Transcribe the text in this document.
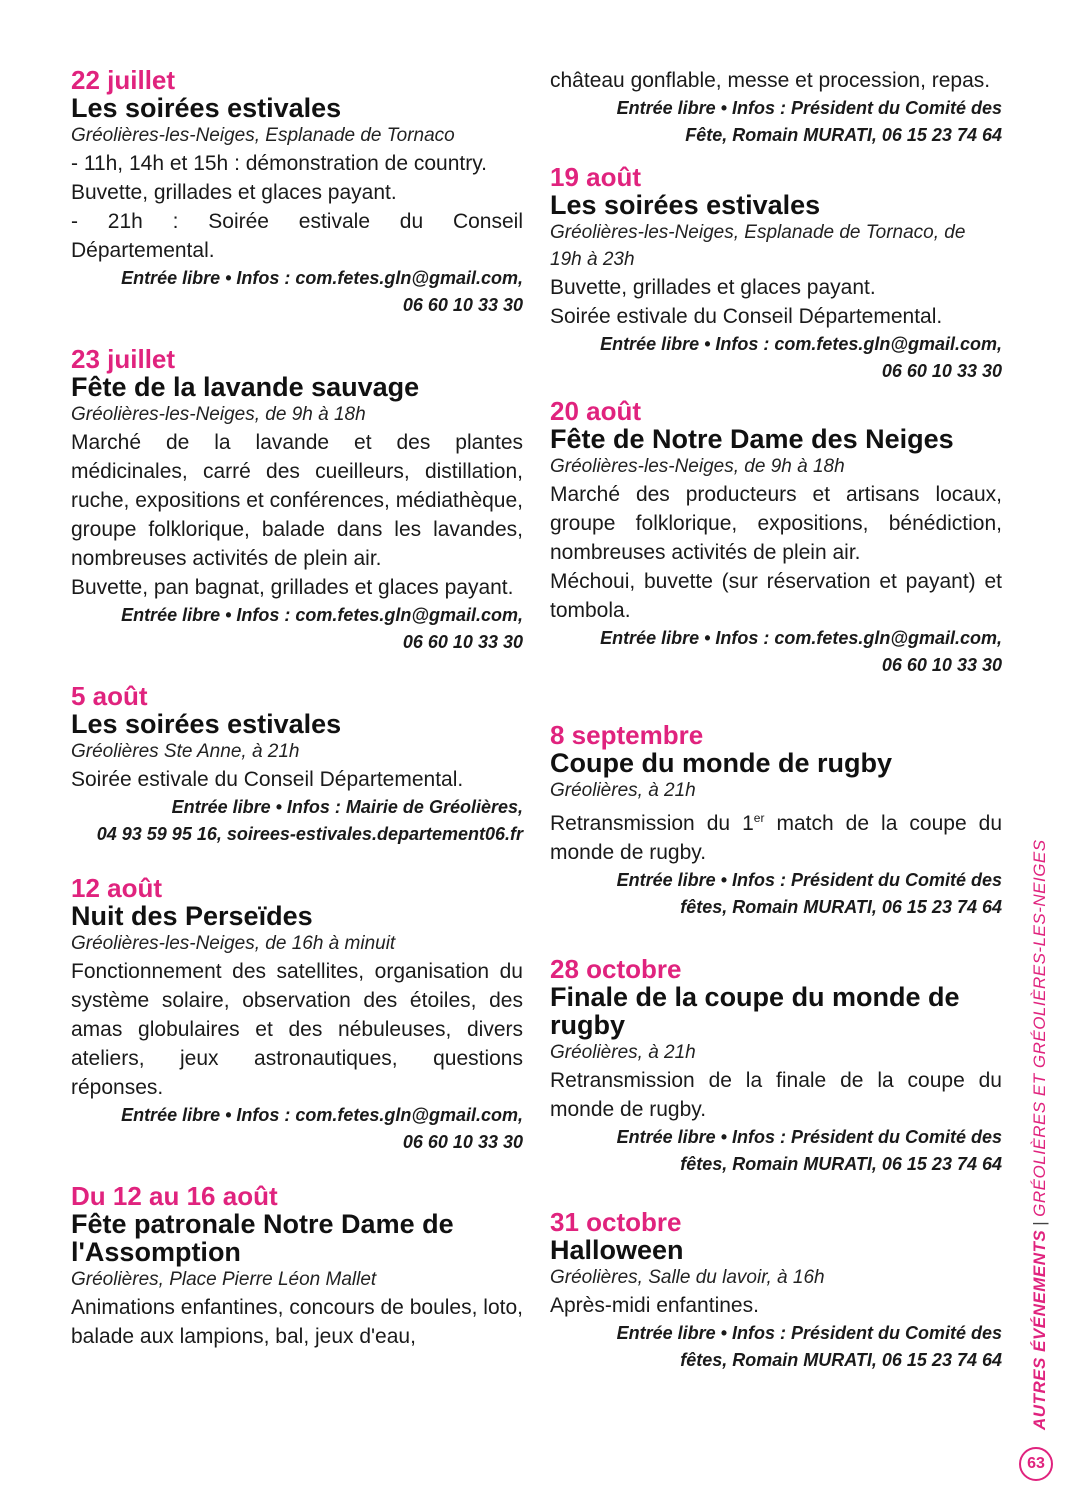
22 juillet
Les soirées estivales
Gréolières-les-Neiges, Esplanade de Tornaco

- 11h, 14h et 15h : démonstration de country.

Buvette, grillades et glaces payant.

- 21h : Soirée estivale du Conseil Départemental.

Entrée libre • Infos : com.fetes.gln@gmail.com,
06 60 10 33 30
23 juillet
Fête de la lavande sauvage
Gréolières-les-Neiges, de 9h à 18h

Marché de la lavande et des plantes médicinales, carré des cueilleurs, distillation, ruche, expositions et conférences, médiathèque, groupe folklorique, balade dans les lavandes, nombreuses activités de plein air.

Buvette, pan bagnat, grillades et glaces payant.

Entrée libre • Infos : com.fetes.gln@gmail.com,
06 60 10 33 30
5 août
Les soirées estivales
Gréolières Ste Anne, à 21h

Soirée estivale du Conseil Départemental.

Entrée libre • Infos : Mairie de Gréolières,
04 93 59 95 16, soirees-estivales.departement06.fr
12 août
Nuit des Perseïdes
Gréolières-les-Neiges, de 16h à minuit

Fonctionnement des satellites, organisation du système solaire, observation des étoiles, des amas globulaires et des nébuleuses, divers ateliers, jeux astronautiques, questions réponses.

Entrée libre • Infos : com.fetes.gln@gmail.com,
06 60 10 33 30
Du 12 au 16 août
Fête patronale Notre Dame de l'Assomption
Gréolières, Place Pierre Léon Mallet

Animations enfantines, concours de boules, loto, balade aux lampions, bal, jeux d'eau,

château gonflable, messe et procession, repas.

Entrée libre • Infos : Président du Comité des
Fête, Romain MURATI, 06 15 23 74 64
19 août
Les soirées estivales
Gréolières-les-Neiges, Esplanade de Tornaco, de 19h à 23h

Buvette, grillades et glaces payant.

Soirée estivale du Conseil Départemental.

Entrée libre • Infos : com.fetes.gln@gmail.com,
06 60 10 33 30
20 août
Fête de Notre Dame des Neiges
Gréolières-les-Neiges, de 9h à 18h

Marché des producteurs et artisans locaux, groupe folklorique, expositions, bénédiction, nombreuses activités de plein air.

Méchoui, buvette (sur réservation et payant) et tombola.

Entrée libre • Infos : com.fetes.gln@gmail.com,
06 60 10 33 30
8 septembre
Coupe du monde de rugby
Gréolières, à 21h

Retransmission du 1er match de la coupe du monde de rugby.

Entrée libre • Infos : Président du Comité des
fêtes, Romain MURATI, 06 15 23 74 64
28 octobre
Finale de la coupe du monde de rugby
Gréolières, à 21h

Retransmission de la finale de la coupe du monde de rugby.

Entrée libre • Infos : Président du Comité des
fêtes, Romain MURATI, 06 15 23 74 64
31 octobre
Halloween
Gréolières, Salle du lavoir, à 16h

Après-midi enfantines.

Entrée libre • Infos : Président du Comité des
fêtes, Romain MURATI, 06 15 23 74 64 AUTRES ÉVÉNEMENTS|GRÉOLIÈRES ET GRÉOLIÈRES-LES-NEIGES
63
